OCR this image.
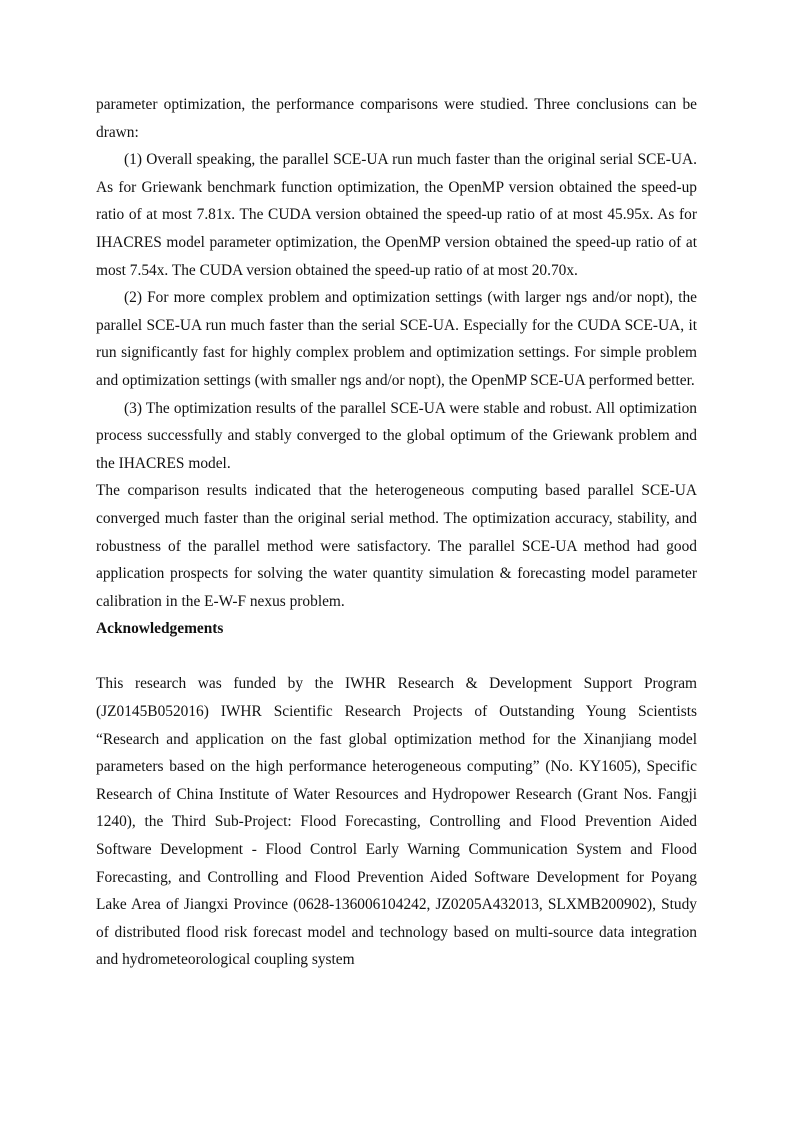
parameter optimization, the performance comparisons were studied. Three conclusions can be drawn:

(1) Overall speaking, the parallel SCE-UA run much faster than the original serial SCE-UA. As for Griewank benchmark function optimization, the OpenMP version obtained the speed-up ratio of at most 7.81x. The CUDA version obtained the speed-up ratio of at most 45.95x. As for IHACRES model parameter optimization, the OpenMP version obtained the speed-up ratio of at most 7.54x. The CUDA version obtained the speed-up ratio of at most 20.70x.

(2) For more complex problem and optimization settings (with larger ngs and/or nopt), the parallel SCE-UA run much faster than the serial SCE-UA. Especially for the CUDA SCE-UA, it run significantly fast for highly complex problem and optimization settings. For simple problem and optimization settings (with smaller ngs and/or nopt), the OpenMP SCE-UA performed better.

(3) The optimization results of the parallel SCE-UA were stable and robust. All optimization process successfully and stably converged to the global optimum of the Griewank problem and the IHACRES model.

The comparison results indicated that the heterogeneous computing based parallel SCE-UA converged much faster than the original serial method. The optimization accuracy, stability, and robustness of the parallel method were satisfactory. The parallel SCE-UA method had good application prospects for solving the water quantity simulation & forecasting model parameter calibration in the E-W-F nexus problem.

Acknowledgements

This research was funded by the IWHR Research & Development Support Program (JZ0145B052016) IWHR Scientific Research Projects of Outstanding Young Scientists “Research and application on the fast global optimization method for the Xinanjiang model parameters based on the high performance heterogeneous computing” (No. KY1605), Specific Research of China Institute of Water Resources and Hydropower Research (Grant Nos. Fangji 1240), the Third Sub-Project: Flood Forecasting, Controlling and Flood Prevention Aided Software Development - Flood Control Early Warning Communication System and Flood Forecasting, and Controlling and Flood Prevention Aided Software Development for Poyang Lake Area of Jiangxi Province (0628-136006104242, JZ0205A432013, SLXMB200902), Study of distributed flood risk forecast model and technology based on multi-source data integration and hydrometeorological coupling system
